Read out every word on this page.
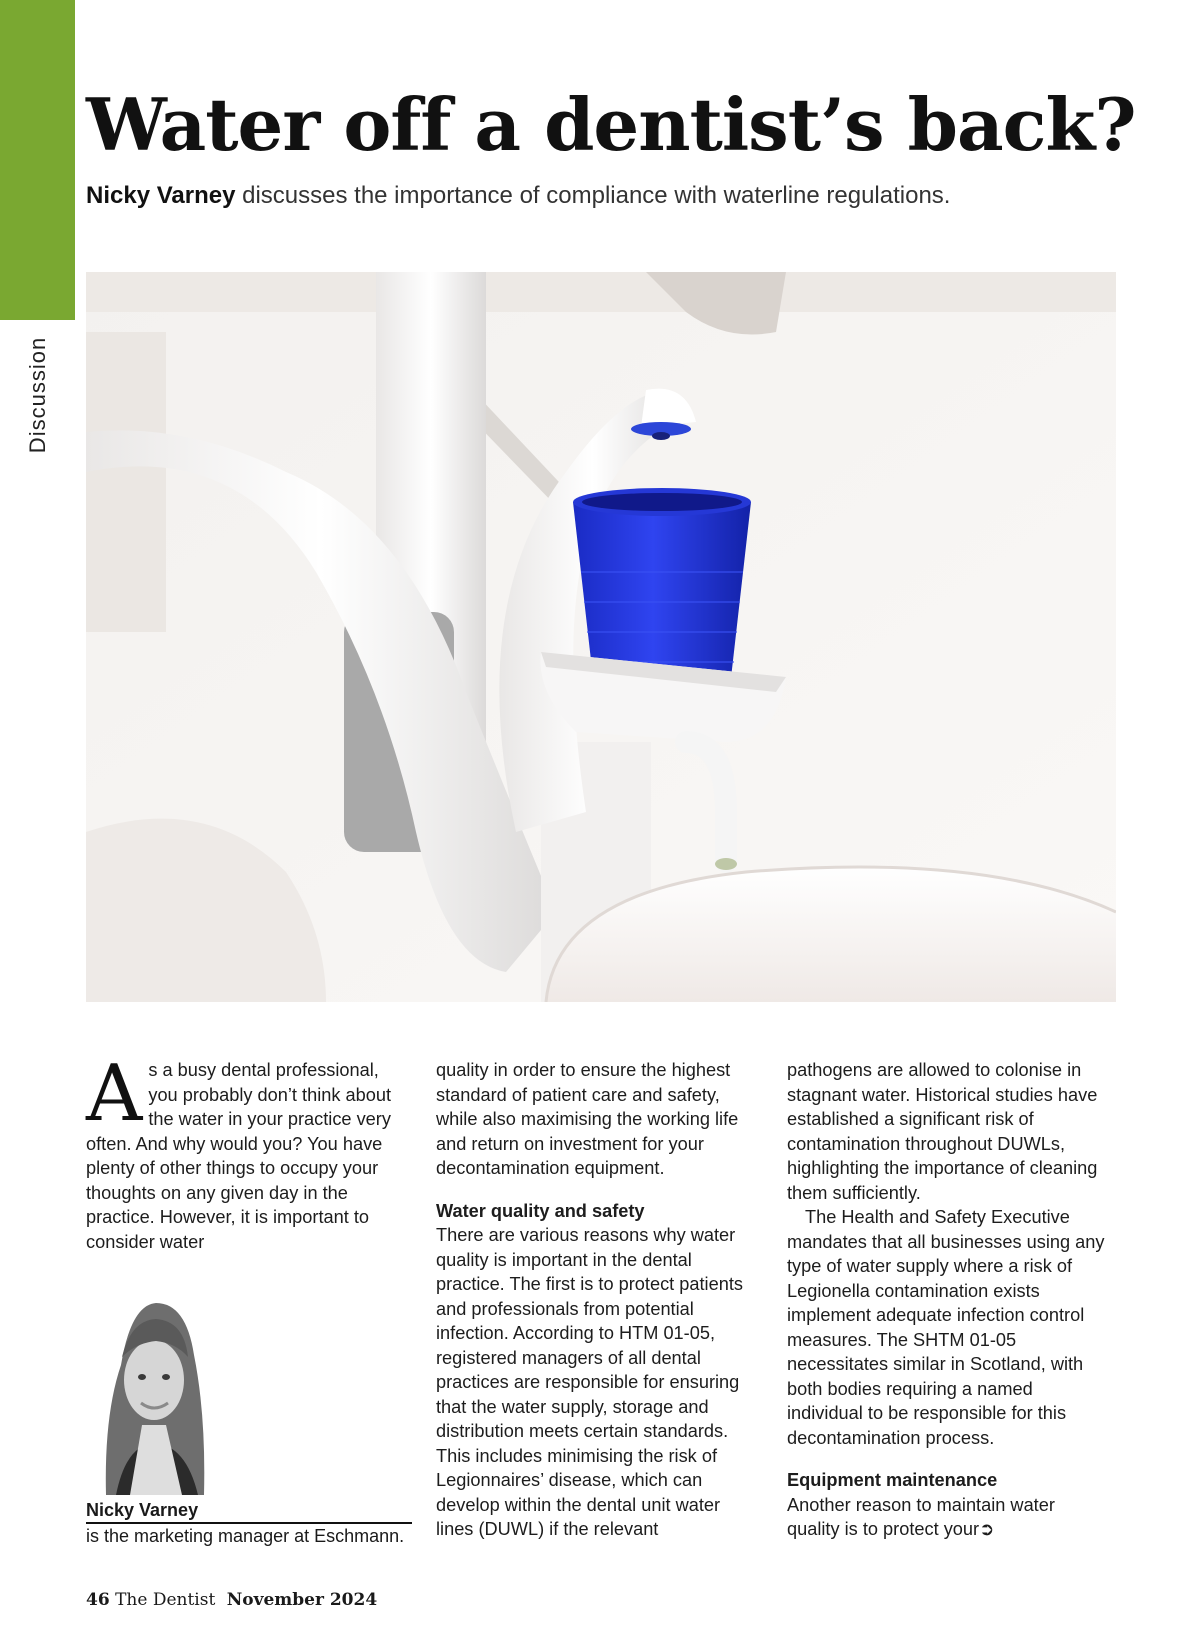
Discussion
Water off a dentist’s back?

Nicky Varney discusses the importance of compliance with waterline regulations.

As a busy dental professional, you probably don’t think about the water in your practice very often. And why would you? You have plenty of other things to occupy your thoughts on any given day in the practice. However, it is important to consider water

Nicky Varney
is the marketing manager at Eschmann.

quality in order to ensure the highest standard of patient care and safety, while also maximising the working life and return on investment for your decontamination equipment.

Water quality and safety

There are various reasons why water quality is important in the dental practice. The first is to protect patients and professionals from potential infection. According to HTM 01-05, registered managers of all dental practices are responsible for ensuring that the water supply, storage and distribution meets certain standards. This includes minimising the risk of Legionnaires’ disease, which can develop within the dental unit water lines (DUWL) if the relevant

pathogens are allowed to colonise in stagnant water. Historical studies have established a significant risk of contamination throughout DUWLs, highlighting the importance of cleaning them sufficiently.

The Health and Safety Executive mandates that all businesses using any type of water supply where a risk of Legionella contamination exists implement adequate infection control measures. The SHTM 01-05 necessitates similar in Scotland, with both bodies requiring a named individual to be responsible for this decontamination process.

Equipment maintenance

Another reason to maintain water quality is to protect your➲

46 The Dentist November 2024
